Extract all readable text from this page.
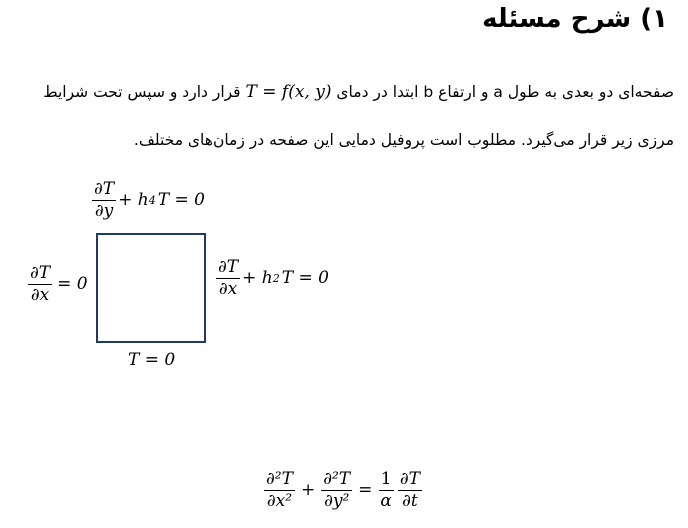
۱) شرح مسئله
صفحه‌ای دو بعدی به طول a و ارتفاع b ابتدا در دمای T = f(x, y) قرار دارد و سپس تحت شرایط
مرزی زیر قرار می‌گیرد. مطلوب است پروفیل دمایی این صفحه در زمان‌های مختلف.
$\frac{\partial T}{\partial y} + h$ 4 T = 0
$\frac{\partial T}{\partial x} = 0$	$\frac{\partial T}{\partial x} + h$ 2 T = 0
T = 0
$\frac{\text{∂²T}}{\text{∂x²}} + \frac{\text{∂²T}}{\text{∂y²}} = \frac{1}{\alpha} \frac{\partial T}{\partial t}$
